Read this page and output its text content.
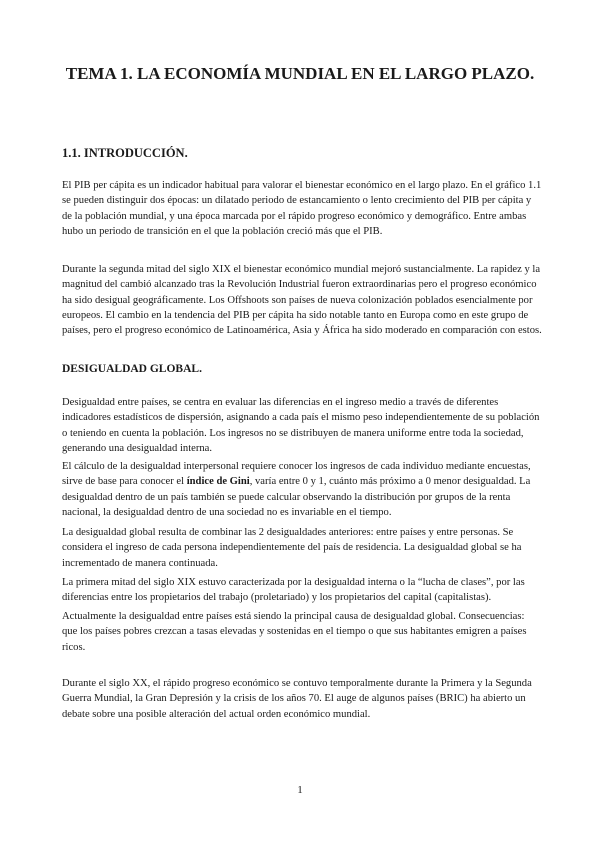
TEMA 1. LA ECONOMÍA MUNDIAL EN EL LARGO PLAZO.
1.1. INTRODUCCIÓN.

El PIB per cápita es un indicador habitual para valorar el bienestar económico en el largo plazo. En el gráfico 1.1 se pueden distinguir dos épocas: un dilatado periodo de estancamiento o lento crecimiento del PIB per cápita y de la población mundial, y una época marcada por el rápido progreso económico y demográfico. Entre ambas hubo un periodo de transición en el que la población creció más que el PIB.

Durante la segunda mitad del siglo XIX el bienestar económico mundial mejoró sustancialmente. La rapidez y la magnitud del cambió alcanzado tras la Revolución Industrial fueron extraordinarias pero el progreso económico ha sido desigual geográficamente. Los Offshoots son países de nueva colonización poblados esencialmente por europeos. El cambio en la tendencia del PIB per cápita ha sido notable tanto en Europa como en este grupo de países, pero el progreso económico de Latinoamérica, Asia y África ha sido moderado en comparación con estos.

DESIGUALDAD GLOBAL.

Desigualdad entre países, se centra en evaluar las diferencias en el ingreso medio a través de diferentes indicadores estadísticos de dispersión, asignando a cada país el mismo peso independientemente de su población o teniendo en cuenta la población. Los ingresos no se distribuyen de manera uniforme entre toda la sociedad, generando una desigualdad interna.

El cálculo de la desigualdad interpersonal requiere conocer los ingresos de cada individuo mediante encuestas, sirve de base para conocer el índice de Gini, varía entre 0 y 1, cuánto más próximo a 0 menor desigualdad. La desigualdad dentro de un país también se puede calcular observando la distribución por grupos de la renta nacional, la desigualdad dentro de una sociedad no es invariable en el tiempo.

La desigualdad global resulta de combinar las 2 desigualdades anteriores: entre países y entre personas. Se considera el ingreso de cada persona independientemente del país de residencia. La desigualdad global se ha incrementado de manera continuada.

La primera mitad del siglo XIX estuvo caracterizada por la desigualdad interna o la “lucha de clases”, por las diferencias entre los propietarios del trabajo (proletariado) y los propietarios del capital (capitalistas).

Actualmente la desigualdad entre países está siendo la principal causa de desigualdad global. Consecuencias: que los países pobres crezcan a tasas elevadas y sostenidas en el tiempo o que sus habitantes emigren a países ricos.

Durante el siglo XX, el rápido progreso económico se contuvo temporalmente durante la Primera y la Segunda Guerra Mundial, la Gran Depresión y la crisis de los años 70. El auge de algunos países (BRIC) ha abierto un debate sobre una posible alteración del actual orden económico mundial.

1
